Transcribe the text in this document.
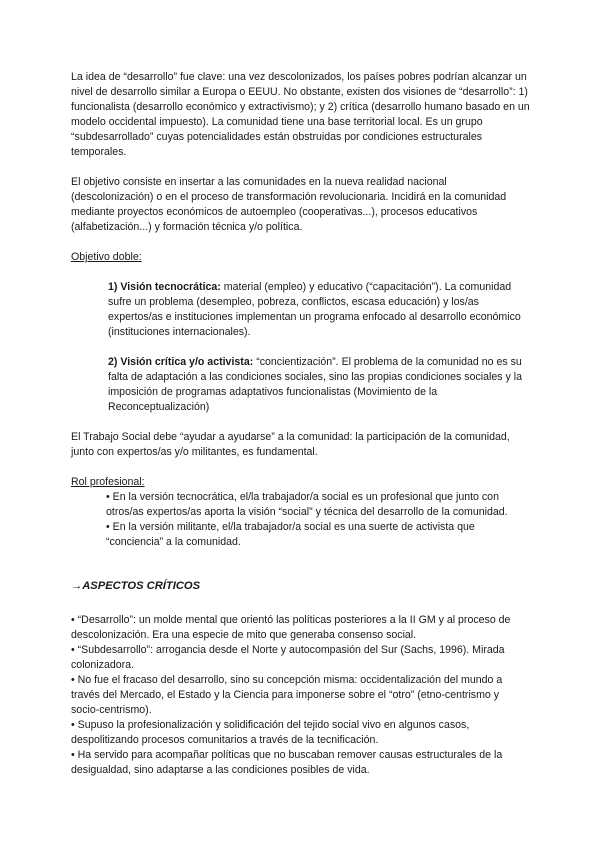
La idea de “desarrollo” fue clave: una vez descolonizados, los países pobres podrían alcanzar un nivel de desarrollo similar a Europa o EEUU. No obstante, existen dos visiones de “desarrollo”: 1) funcionalista (desarrollo económico y extractivismo); y 2) crítica (desarrollo humano basado en un modelo occidental impuesto). La comunidad tiene una base territorial local. Es un grupo “subdesarrollado” cuyas potencialidades están obstruidas por condiciones estructurales temporales.

El objetivo consiste en insertar a las comunidades en la nueva realidad nacional (descolonización) o en el proceso de transformación revolucionaria. Incidirá en la comunidad mediante proyectos económicos de autoempleo (cooperativas...), procesos educativos (alfabetización...) y formación técnica y/o política.

Objetivo doble:

1) Visión tecnocrática: material (empleo) y educativo (“capacitación”). La comunidad sufre un problema (desempleo, pobreza, conflictos, escasa educación) y los/as expertos/as e instituciones implementan un programa enfocado al desarrollo económico (instituciones internacionales).

2) Visión crítica y/o activista: “concientización”. El problema de la comunidad no es su falta de adaptación a las condiciones sociales, sino las propias condiciones sociales y la imposición de programas adaptativos funcionalistas (Movimiento de la Reconceptualización)

El Trabajo Social debe “ayudar a ayudarse” a la comunidad: la participación de la comunidad, junto con expertos/as y/o militantes, es fundamental.

Rol profesional:

• En la versión tecnocrática, el/la trabajador/a social es un profesional que junto con otros/as expertos/as aporta la visión “social” y técnica del desarrollo de la comunidad.
• En la versión militante, el/la trabajador/a social es una suerte de activista que “conciencia” a la comunidad.

→ASPECTOS CRÍTICOS

• “Desarrollo”: un molde mental que orientó las políticas posteriores a la II GM y al proceso de descolonización. Era una especie de mito que generaba consenso social.

• “Subdesarrollo”: arrogancia desde el Norte y autocompasión del Sur (Sachs, 1996). Mirada colonizadora.

• No fue el fracaso del desarrollo, sino su concepción misma: occidentalización del mundo a través del Mercado, el Estado y la Ciencia para imponerse sobre el “otro” (etno-centrismo y socio-centrismo).

• Supuso la profesionalización y solidificación del tejido social vivo en algunos casos, despolitizando procesos comunitarios a través de la tecnificación.

• Ha servido para acompañar políticas que no buscaban remover causas estructurales de la desigualdad, sino adaptarse a las condiciones posibles de vida.
